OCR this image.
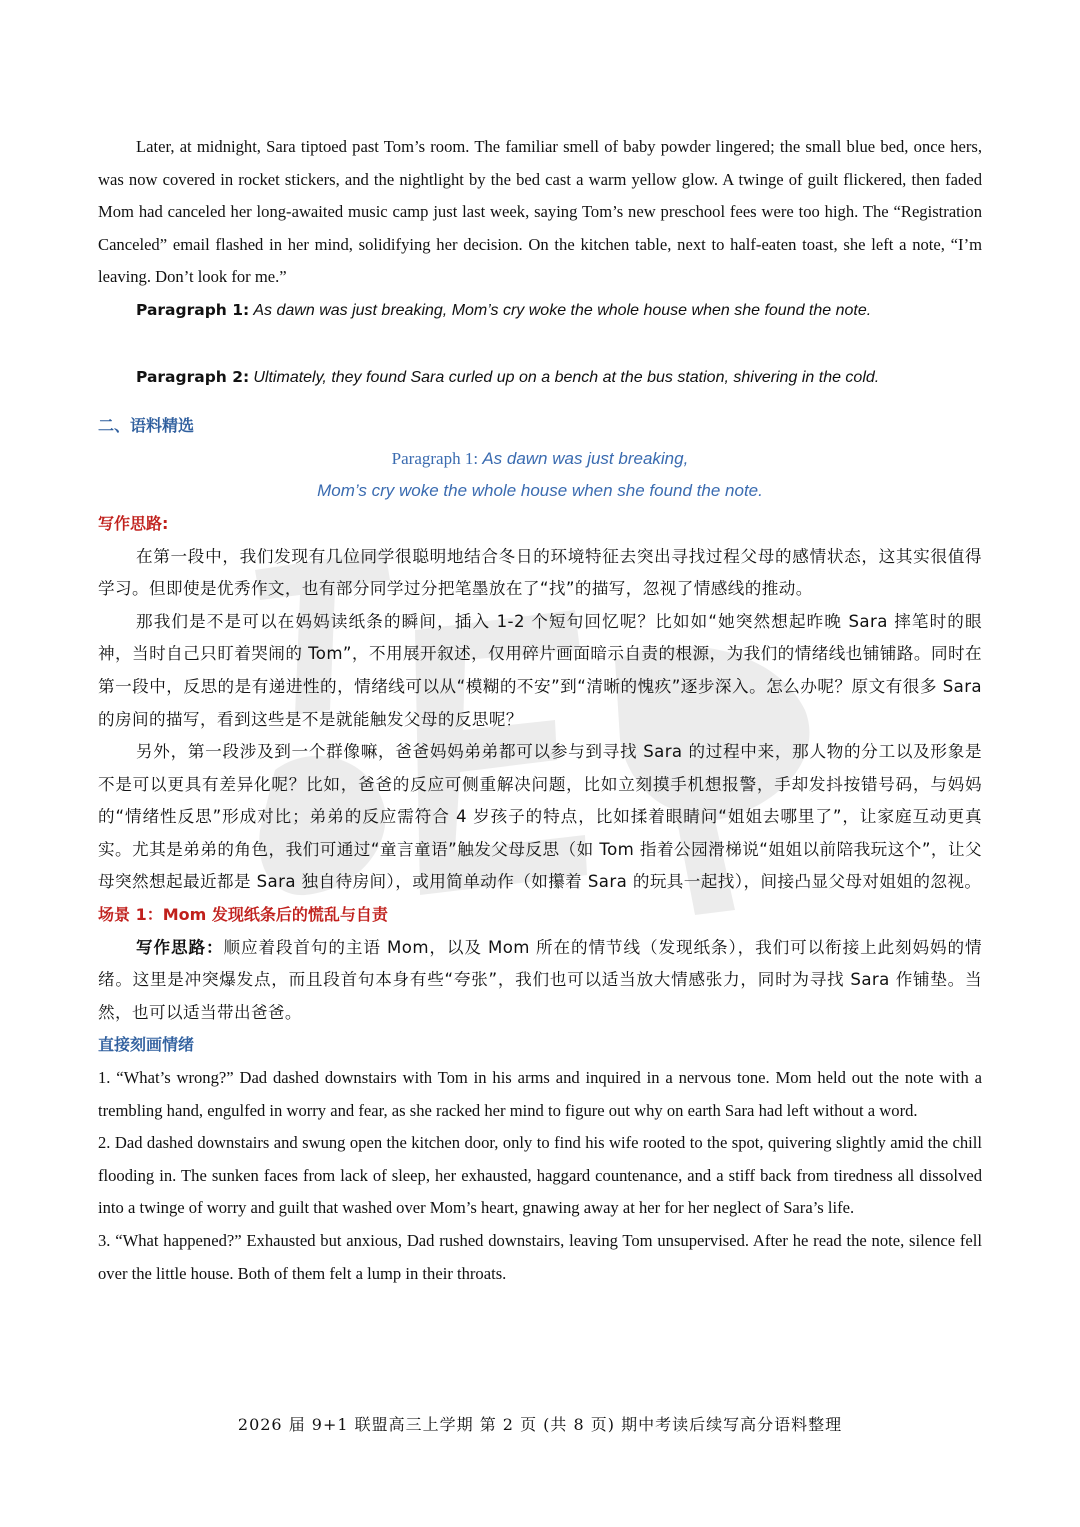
Later, at midnight, Sara tiptoed past Tom’s room. The familiar smell of baby powder lingered; the small blue bed, once hers, was now covered in rocket stickers, and the nightlight by the bed cast a warm yellow glow. A twinge of guilt flickered, then faded Mom had canceled her long-awaited music camp just last week, saying Tom’s new preschool fees were too high. The “Registration Canceled” email flashed in her mind, solidifying her decision. On the kitchen table, next to half-eaten toast, she left a note, “I’m leaving. Don’t look for me.”

Paragraph 1: As dawn was just breaking, Mom’s cry woke the whole house when she found the note.
Paragraph 2: Ultimately, they found Sara curled up on a bench at the bus station, shivering in the cold.
二、语料精选
Paragraph 1: As dawn was just breaking,
Mom’s cry woke the whole house when she found the note.
写作思路:

在第一段中，我们发现有几位同学很聪明地结合冬日的环境特征去突出寻找过程父母的感情状态，这其实很值得学习。但即使是优秀作文，也有部分同学过分把笔墨放在了“找”的描写，忽视了情感线的推动。

那我们是不是可以在妈妈读纸条的瞬间，插入 1-2 个短句回忆呢？比如如“她突然想起昨晚 Sara 摔笔时的眼神，当时自己只盯着哭闹的 Tom”，不用展开叙述，仅用碎片画面暗示自责的根源，为我们的情绪线也铺铺路。同时在第一段中，反思的是有递进性的，情绪线可以从“模糊的不安”到“清晰的愧疚”逐步深入。怎么办呢？原文有很多 Sara 的房间的描写，看到这些是不是就能触发父母的反思呢？

另外，第一段涉及到一个群像嘛，爸爸妈妈弟弟都可以参与到寻找 Sara 的过程中来，那人物的分工以及形象是不是可以更具有差异化呢？比如，爸爸的反应可侧重解决问题，比如立刻摸手机想报警，手却发抖按错号码，与妈妈的“情绪性反思”形成对比；弟弟的反应需符合 4 岁孩子的特点，比如揉着眼睛问“姐姐去哪里了”，让家庭互动更真实。尤其是弟弟的角色，我们可通过“童言童语”触发父母反思（如 Tom 指着公园滑梯说“姐姐以前陪我玩这个”，让父母突然想起最近都是 Sara 独自待房间），或用简单动作（如攥着 Sara 的玩具一起找），间接凸显父母对姐姐的忽视。

场景 1：Mom 发现纸条后的慌乱与自责

写作思路：顺应着段首句的主语 Mom，以及 Mom 所在的情节线（发现纸条），我们可以衔接上此刻妈妈的情绪。这里是冲突爆发点，而且段首句本身有些“夸张”，我们也可以适当放大情感张力，同时为寻找 Sara 作铺垫。当然，也可以适当带出爸爸。

直接刻画情绪

1. “What’s wrong?” Dad dashed downstairs with Tom in his arms and inquired in a nervous tone. Mom held out the note with a trembling hand, engulfed in worry and fear, as she racked her mind to figure out why on earth Sara had left without a word.

2. Dad dashed downstairs and swung open the kitchen door, only to find his wife rooted to the spot, quivering slightly amid the chill flooding in. The sunken faces from lack of sleep, her exhausted, haggard countenance, and a stiff back from tiredness all dissolved into a twinge of worry and guilt that washed over Mom’s heart, gnawing away at her for her neglect of Sara’s life.

3. “What happened?” Exhausted but anxious, Dad rushed downstairs, leaving Tom unsupervised. After he read the note, silence fell over the little house. Both of them felt a lump in their throats.

2026 届 9+1 联盟高三上学期 第 2 页 (共 8 页) 期中考读后续写高分语料整理
